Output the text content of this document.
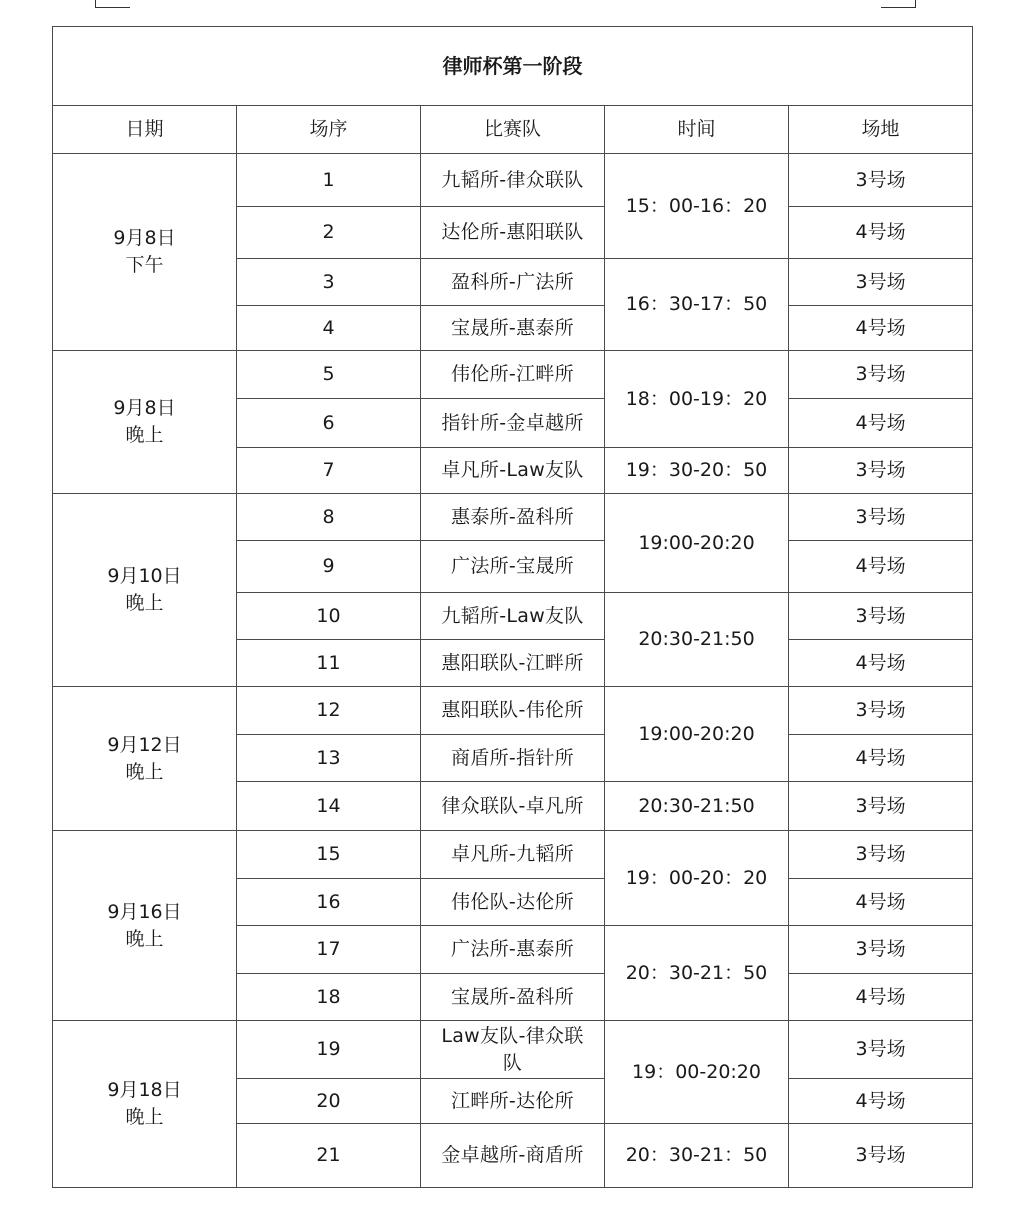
律师杯第一阶段				
日期	场序	比赛队	时间	场地

9月8日
下午	1	九韬所-律众联队	15：00-16：20	3号场
	2	达伦所-惠阳联队		4号场
	3	盈科所-广法所	16：30-17：50	3号场
	4	宝晟所-惠泰所		4号场

9月8日
晚上	5	伟伦所-江畔所	18：00-19：20	3号场
	6	指针所-金卓越所		4号场
	7	卓凡所-Law友队	19：30-20：50	3号场

9月10日
晚上	8	惠泰所-盈科所	19:00-20:20	3号场
	9	广法所-宝晟所		4号场
	10	九韬所-Law友队	20:30-21:50	3号场
	11	惠阳联队-江畔所		4号场

9月12日
晚上	12	惠阳联队-伟伦所	19:00-20:20	3号场
	13	商盾所-指针所		4号场
	14	律众联队-卓凡所	20:30-21:50	3号场

9月16日
晚上	15	卓凡所-九韬所	19：00-20：20	3号场
	16	伟伦队-达伦所		4号场
	17	广法所-惠泰所	20：30-21：50	3号场
	18	宝晟所-盈科所		4号场

9月18日
晚上	19	Law友队-律众联队	19：00-20:20	3号场
	20	江畔所-达伦所		4号场
	21	金卓越所-商盾所	20：30-21：50	3号场
